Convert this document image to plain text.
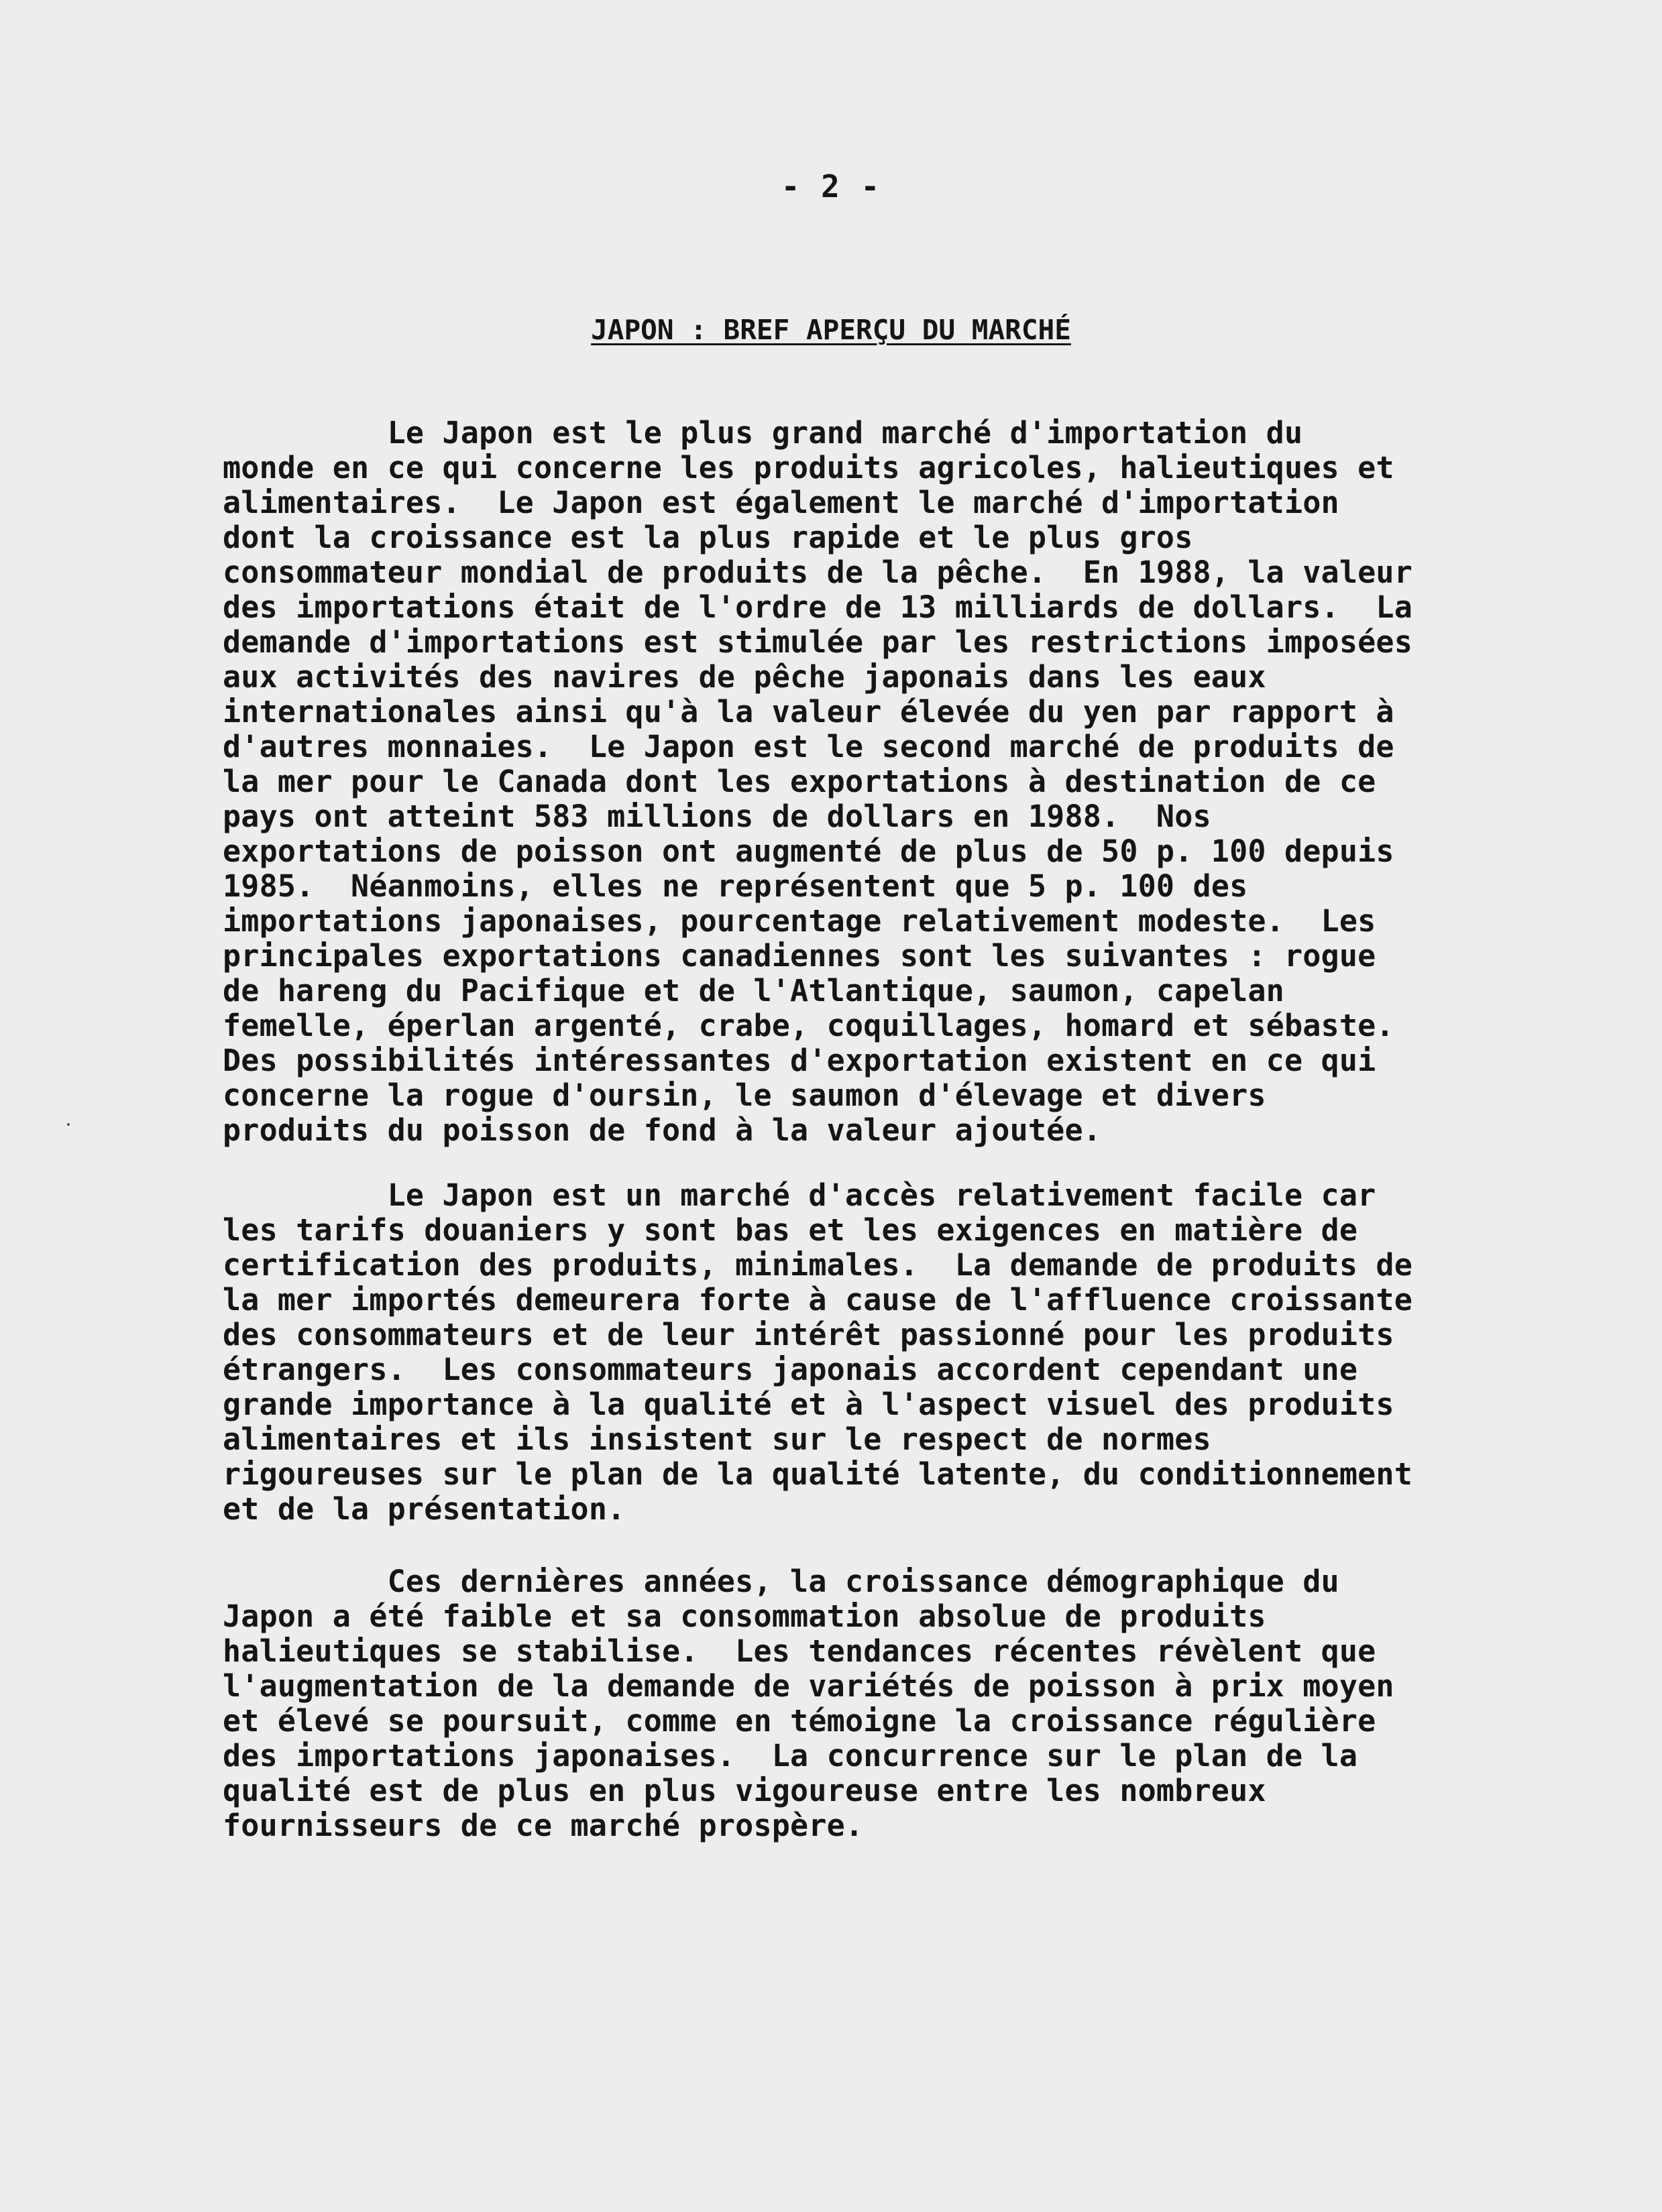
- 2 -
JAPON : BREF APERÇU DU MARCHÉ
Le Japon est le plus grand marché d'importation du
monde en ce qui concerne les produits agricoles, halieutiques et
alimentaires.  Le Japon est également le marché d'importation
dont la croissance est la plus rapide et le plus gros
consommateur mondial de produits de la pêche.  En 1988, la valeur
des importations était de l'ordre de 13 milliards de dollars.  La
demande d'importations est stimulée par les restrictions imposées
aux activités des navires de pêche japonais dans les eaux
internationales ainsi qu'à la valeur élevée du yen par rapport à
d'autres monnaies.  Le Japon est le second marché de produits de
la mer pour le Canada dont les exportations à destination de ce
pays ont atteint 583 millions de dollars en 1988.  Nos
exportations de poisson ont augmenté de plus de 50 p. 100 depuis
1985.  Néanmoins, elles ne représentent que 5 p. 100 des
importations japonaises, pourcentage relativement modeste.  Les
principales exportations canadiennes sont les suivantes : rogue
de hareng du Pacifique et de l'Atlantique, saumon, capelan
femelle, éperlan argenté, crabe, coquillages, homard et sébaste.
Des possibilités intéressantes d'exportation existent en ce qui
concerne la rogue d'oursin, le saumon d'élevage et divers
produits du poisson de fond à la valeur ajoutée.
Le Japon est un marché d'accès relativement facile car
les tarifs douaniers y sont bas et les exigences en matière de
certification des produits, minimales.  La demande de produits de
la mer importés demeurera forte à cause de l'affluence croissante
des consommateurs et de leur intérêt passionné pour les produits
étrangers.  Les consommateurs japonais accordent cependant une
grande importance à la qualité et à l'aspect visuel des produits
alimentaires et ils insistent sur le respect de normes
rigoureuses sur le plan de la qualité latente, du conditionnement
et de la présentation.
Ces dernières années, la croissance démographique du
Japon a été faible et sa consommation absolue de produits
halieutiques se stabilise.  Les tendances récentes révèlent que
l'augmentation de la demande de variétés de poisson à prix moyen
et élevé se poursuit, comme en témoigne la croissance régulière
des importations japonaises.  La concurrence sur le plan de la
qualité est de plus en plus vigoureuse entre les nombreux
fournisseurs de ce marché prospère.
